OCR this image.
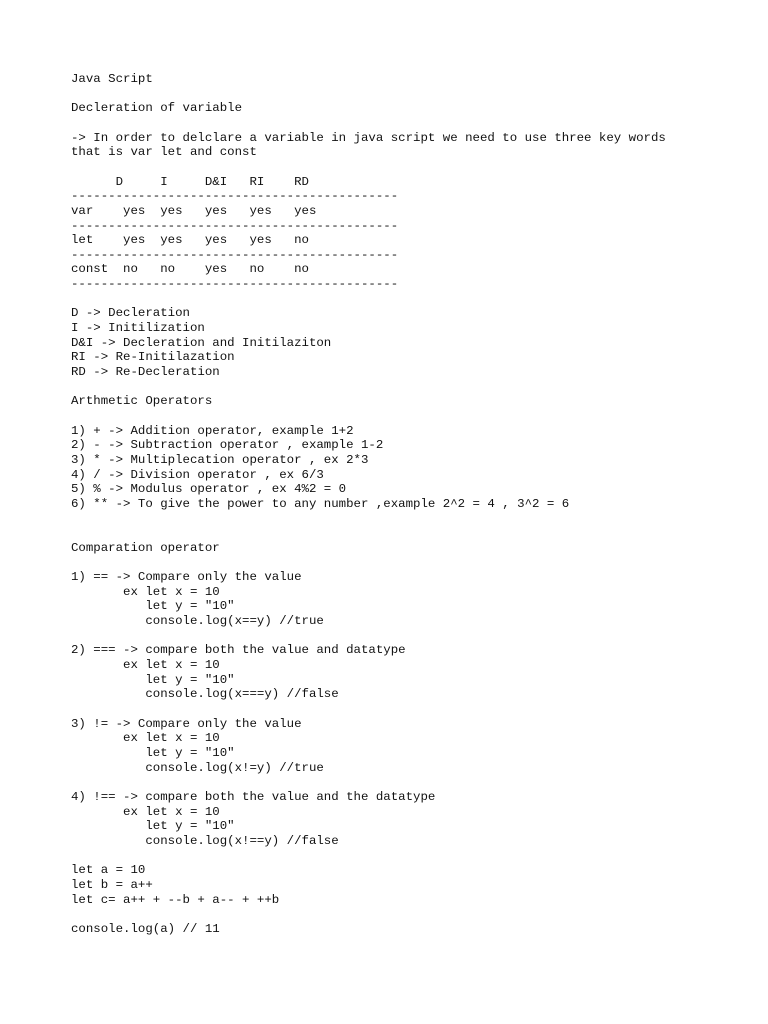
Java Script
Decleration of variable
-> In order to delclare a variable in java script we need to use three key words
that is var let and const
D     I     D&I   RI    RD
--------------------------------------------
var    yes  yes   yes   yes   yes
--------------------------------------------
let    yes  yes   yes   yes   no
--------------------------------------------
const  no   no    yes   no    no
--------------------------------------------
D -> Decleration
I -> Initilization
D&I -> Decleration and Initilaziton
RI -> Re-Initilazation
RD -> Re-Decleration
Arthmetic Operators
1) + -> Addition operator, example 1+2
2) - -> Subtraction operator , example 1-2
3) * -> Multiplecation operator , ex 2*3
4) / -> Division operator , ex 6/3
5) % -> Modulus operator , ex 4%2 = 0
6) ** -> To give the power to any number ,example 2^2 = 4 , 3^2 = 6
Comparation operator
1) == -> Compare only the value
ex let x = 10
let y = "10"
console.log(x==y) //true
2) === -> compare both the value and datatype
ex let x = 10
let y = "10"
console.log(x===y) //false
3) != -> Compare only the value
ex let x = 10
let y = "10"
console.log(x!=y) //true
4) !== -> compare both the value and the datatype
ex let x = 10
let y = "10"
console.log(x!==y) //false
let a = 10
let b = a++
let c= a++ + --b + a-- + ++b
console.log(a) // 11
